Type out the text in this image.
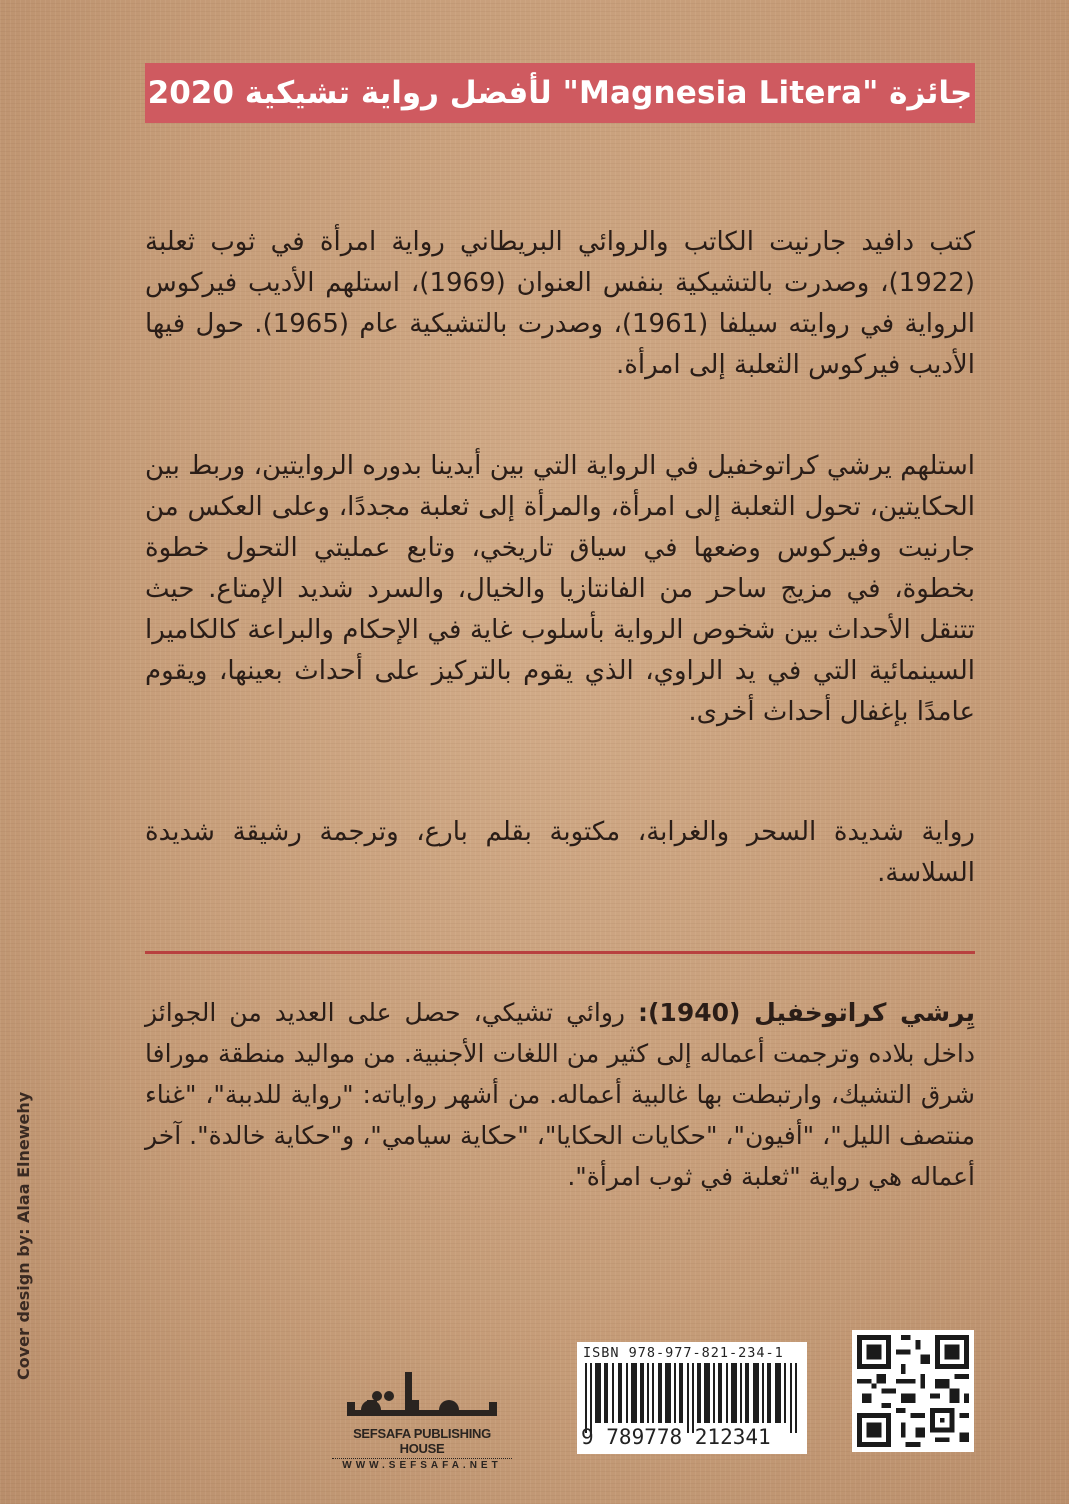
جائزة "Magnesia Litera" لأفضل رواية تشيكية 2020

كتب دافيد جارنيت الكاتب والروائي البريطاني رواية امرأة في ثوب ثعلبة (1922)، وصدرت بالتشيكية بنفس العنوان (1969)، استلهم الأديب فيركوس الرواية في روايته سيلفا (1961)، وصدرت بالتشيكية عام (1965). حول فيها الأديب فيركوس الثعلبة إلى امرأة.

استلهم يرشي كراتوخفيل في الرواية التي بين أيدينا بدوره الروايتين، وربط بين الحكايتين، تحول الثعلبة إلى امرأة، والمرأة إلى ثعلبة مجددًا، وعلى العكس من جارنيت وفيركوس وضعها في سياق تاريخي، وتابع عمليتي التحول خطوة بخطوة، في مزيج ساحر من الفانتازيا والخيال، والسرد شديد الإمتاع. حيث تتنقل الأحداث بين شخوص الرواية بأسلوب غاية في الإحكام والبراعة كالكاميرا السينمائية التي في يد الراوي، الذي يقوم بالتركيز على أحداث بعينها، ويقوم عامدًا بإغفال أحداث أخرى.

رواية شديدة السحر والغرابة، مكتوبة بقلم بارع، وترجمة رشيقة شديدة السلاسة.

يِرشي كراتوخفيل (1940): روائي تشيكي، حصل على العديد من الجوائز داخل بلاده وترجمت أعماله إلى كثير من اللغات الأجنبية. من مواليد منطقة مورافا شرق التشيك، وارتبطت بها غالبية أعماله. من أشهر رواياته: "رواية للدببة"، "غناء منتصف الليل"، "أفيون"، "حكايات الحكايا"، "حكاية سيامي"، و"حكاية خالدة". آخر أعماله هي رواية "ثعلبة في ثوب امرأة".

Cover design by: Alaa Elnewehy
SEFSAFA PUBLISHING HOUSE
WWW.SEFSAFA.NET
ISBN 978-977-821-234-1
9 789778 212341
